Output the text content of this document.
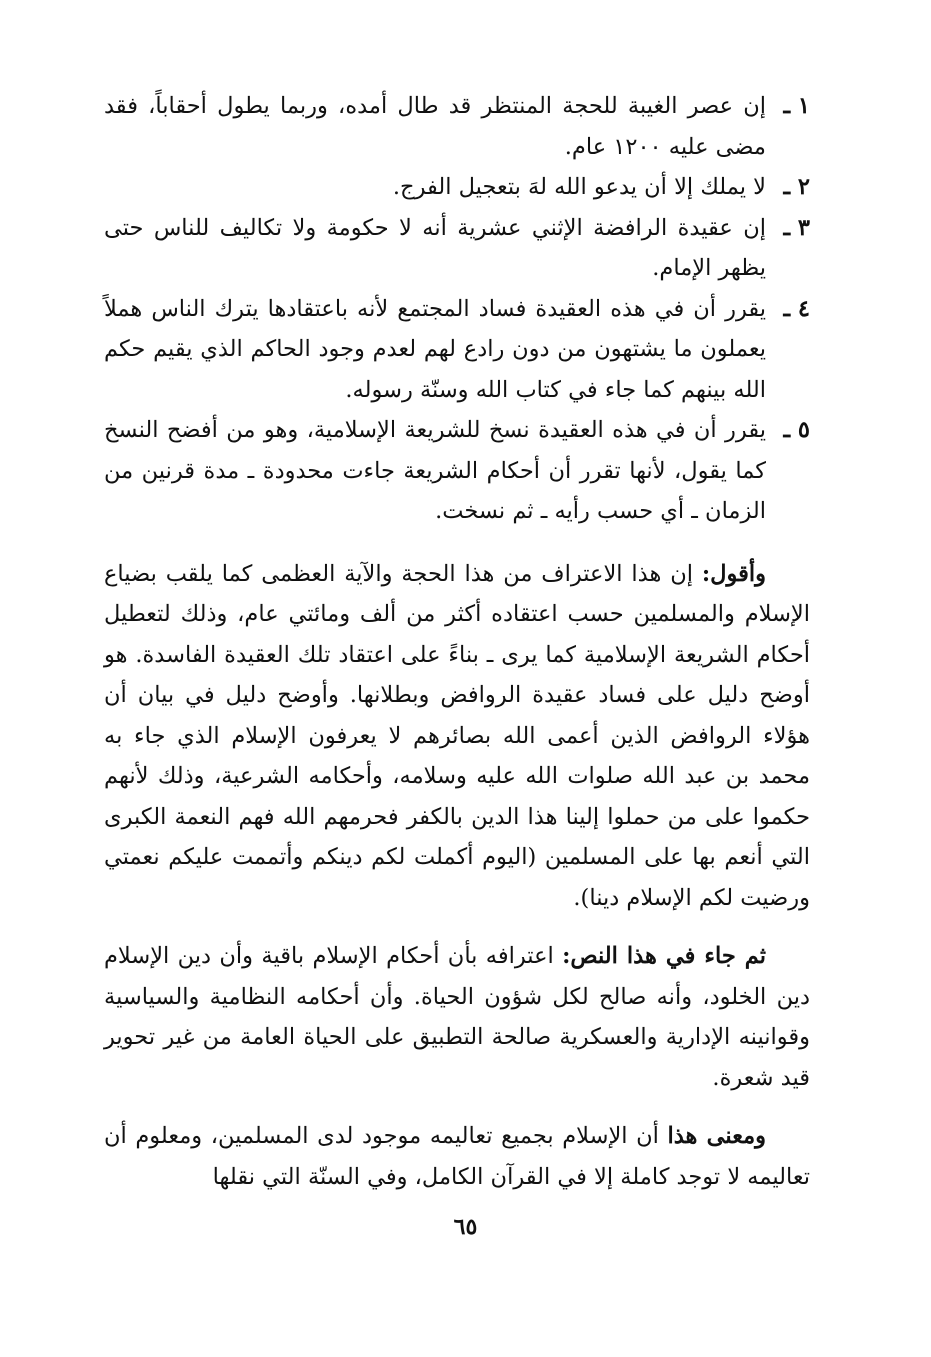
١ ـ
إن عصر الغيبة للحجة المنتظر قد طال أمده، وربما يطول أحقاباً، فقد مضى عليه ١٢٠٠ عام.
٢ ـ
لا يملك إلا أن يدعو الله لهَ بتعجيل الفرج.
٣ ـ
إن عقيدة الرافضة الإثني عشرية أنه لا حكومة ولا تكاليف للناس حتى يظهر الإمام.
٤ ـ
يقرر أن في هذه العقيدة فساد المجتمع لأنه باعتقادها يترك الناس هملاً يعملون ما يشتهون من دون رادع لهم لعدم وجود الحاكم الذي يقيم حكم الله بينهم كما جاء في كتاب الله وسنّة رسوله.
٥ ـ
يقرر أن في هذه العقيدة نسخ للشريعة الإسلامية، وهو من أفضح النسخ كما يقول، لأنها تقرر أن أحكام الشريعة جاءت محدودة ـ مدة قرنين من الزمان ـ أي حسب رأيه ـ ثم نسخت.

وأقول: إن هذا الاعتراف من هذا الحجة والآية العظمى كما يلقب بضياع الإسلام والمسلمين حسب اعتقاده أكثر من ألف ومائتي عام، وذلك لتعطيل أحكام الشريعة الإسلامية كما يرى ـ بناءً على اعتقاد تلك العقيدة الفاسدة. هو أوضح دليل على فساد عقيدة الروافض وبطلانها. وأوضح دليل في بيان أن هؤلاء الروافض الذين أعمى الله بصائرهم لا يعرفون الإسلام الذي جاء به محمد بن عبد الله صلوات الله عليه وسلامه، وأحكامه الشرعية، وذلك لأنهم حكموا على من حملوا إلينا هذا الدين بالكفر فحرمهم الله فهم النعمة الكبرى التي أنعم بها على المسلمين (اليوم أكملت لكم دينكم وأتممت عليكم نعمتي ورضيت لكم الإسلام دينا).

ثم جاء في هذا النص: اعترافه بأن أحكام الإسلام باقية وأن دين الإسلام دين الخلود، وأنه صالح لكل شؤون الحياة. وأن أحكامه النظامية والسياسية وقوانينه الإدارية والعسكرية صالحة التطبيق على الحياة العامة من غير تحوير قيد شعرة.

ومعنى هذا أن الإسلام بجميع تعاليمه موجود لدى المسلمين، ومعلوم أن تعاليمه لا توجد كاملة إلا في القرآن الكامل، وفي السنّة التي نقلها

٦٥
